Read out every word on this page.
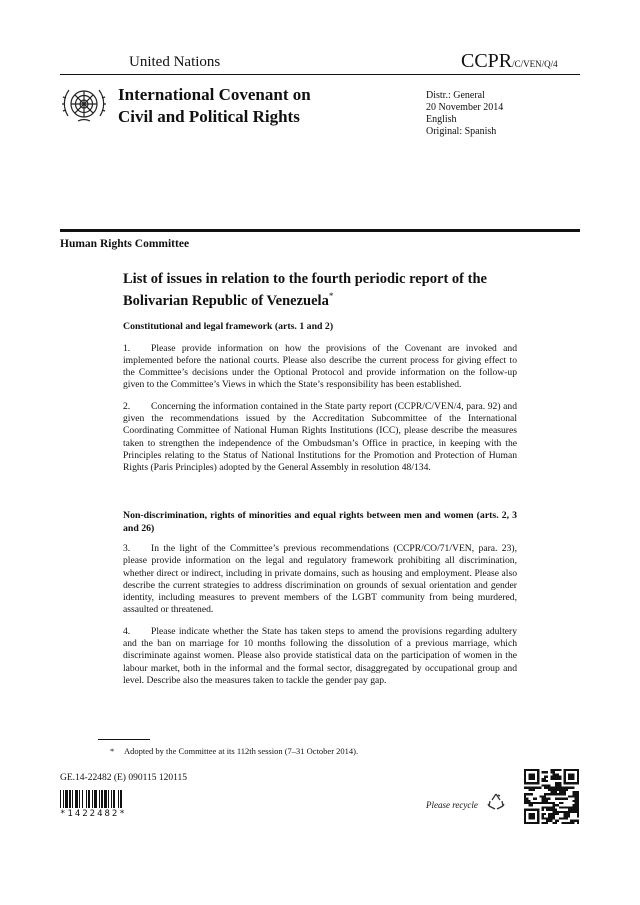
United Nations	CCPR/C/VEN/Q/4
International Covenant on
Civil and Political Rights
Distr.: General
20 November 2014
English
Original: Spanish
Human Rights Committee
List of issues in relation to the fourth periodic report of the
Bolivarian Republic of Venezuela*
Constitutional and legal framework (arts. 1 and 2)
1. Please provide information on how the provisions of the Covenant are invoked and implemented before the national courts. Please also describe the current process for giving effect to the Committee’s decisions under the Optional Protocol and provide information on the follow-up given to the Committee’s Views in which the State’s responsibility has been established.
2. Concerning the information contained in the State party report (CCPR/C/VEN/4, para. 92) and given the recommendations issued by the Accreditation Subcommittee of the International Coordinating Committee of National Human Rights Institutions (ICC), please describe the measures taken to strengthen the independence of the Ombudsman’s Office in practice, in keeping with the Principles relating to the Status of National Institutions for the Promotion and Protection of Human Rights (Paris Principles) adopted by the General Assembly in resolution 48/134.
Non-discrimination, rights of minorities and equal rights between men and women (arts. 2, 3 and 26)
3. In the light of the Committee’s previous recommendations (CCPR/CO/71/VEN, para. 23), please provide information on the legal and regulatory framework prohibiting all discrimination, whether direct or indirect, including in private domains, such as housing and employment. Please also describe the current strategies to address discrimination on grounds of sexual orientation and gender identity, including measures to prevent members of the LGBT community from being murdered, assaulted or threatened.
4. Please indicate whether the State has taken steps to amend the provisions regarding adultery and the ban on marriage for 10 months following the dissolution of a previous marriage, which discriminate against women. Please also provide statistical data on the participation of women in the labour market, both in the informal and the formal sector, disaggregated by occupational group and level. Describe also the measures taken to tackle the gender pay gap.
* Adopted by the Committee at its 112th session (7–31 October 2014).
GE.14-22482 (E) 090115 120115
*1422482*
Please recycle
